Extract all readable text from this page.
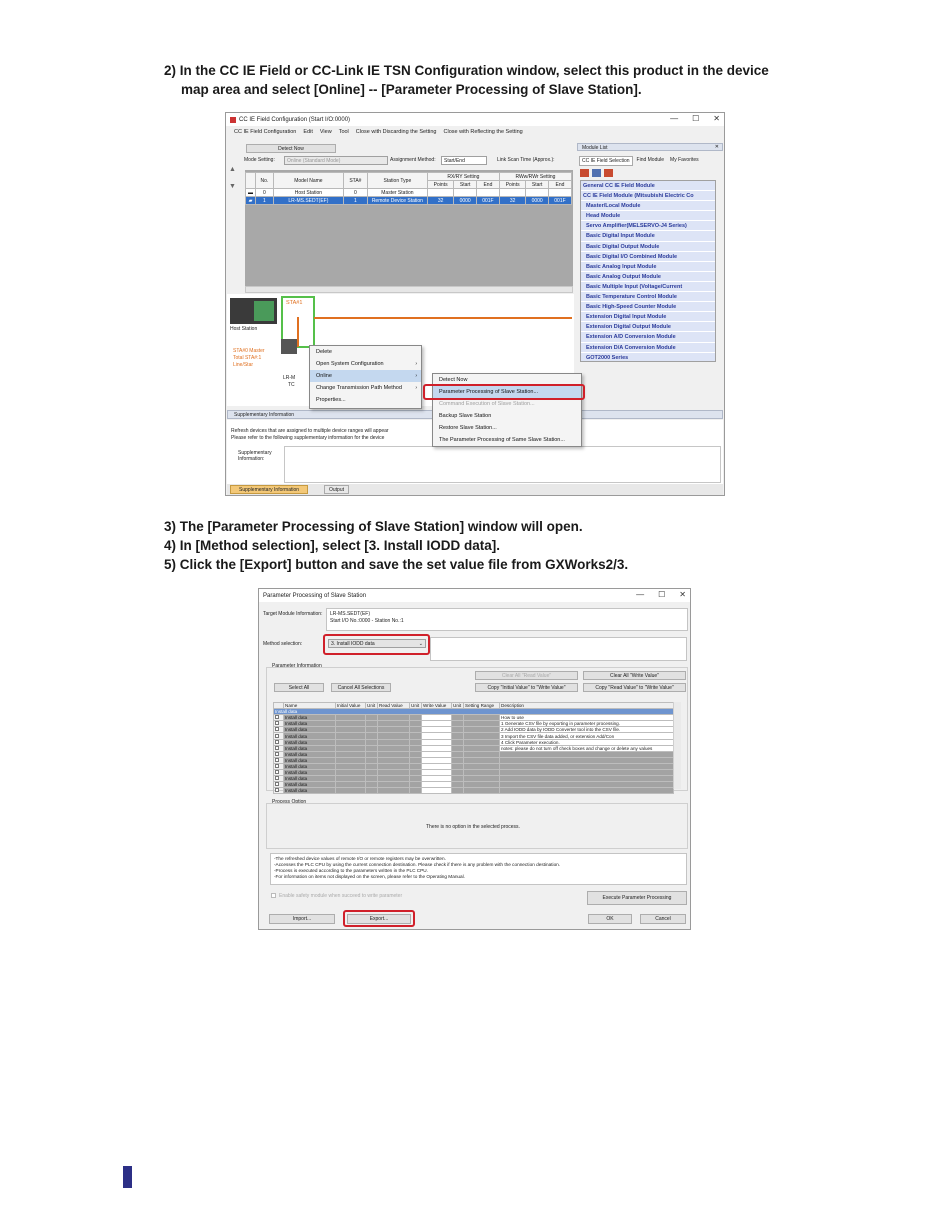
2) In the CC IE Field or CC-Link IE TSN Configuration window, select this product in the device

map area and select [Online] -- [Parameter Processing of Slave Station].

CC IE Field Configuration (Start I/O:0000)	— ☐ ✕
CC IE Field Configuration Edit View Tool Close with Discarding the Setting Close with Reflecting the Setting
Detect Now
Mode Setting:	Online (Standard Mode)	Assignment Method:	Start/End	Link Scan Time (Approx.):
▲
▼
	No.	Model Name	STA#	Station Type	RX/RY Setting			RWw/RWr Setting		
					Points	Start	End	Points	Start	End
▬	0	Host Station	0	Master Station						
▰	1	LR-MS.SEDT(EF)	1	Remote Device Station	32	0000	001F	32	0000	001F
Host Station
STA#1
STA#0 Master
Total STA#:1
Line/Star
LR-M
TC
Module List	✕
CC IE Field Selection	Find Module	My Favorites
General CC IE Field Module
CC IE Field Module (Mitsubishi Electric Co
Master/Local Module
Head Module
Servo Amplifier(MELSERVO-J4 Series)
Basic Digital Input Module
Basic Digital Output Module
Basic Digital I/O Combined Module
Basic Analog Input Module
Basic Analog Output Module
Basic Multiple Input (Voltage/Current
Basic Temperature Control Module
Basic High-Speed Counter Module
Extension Digital Input Module
Extension Digital Output Module
Extension A/D Conversion Module
Extension D/A Conversion Module
GOT2000 Series
Supplementary Information
Refresh devices that are assigned to multiple device ranges will appear
Please refer to the following supplementary information for the device
Supplementary Information:
Supplementary Information	Output
Delete
Open System Configuration	›
Online	›
Change Transmission Path Method	›
Properties...
Detect Now
Parameter Processing of Slave Station...
Command Execution of Slave Station...
Backup Slave Station
Restore Slave Station...
The Parameter Processing of Same Slave Station...

3) The [Parameter Processing of Slave Station] window will open.

4) In [Method selection], select [3. Install IODD data].

5) Click the [Export] button and save the set value file from GXWorks2/3.

Parameter Processing of Slave Station	— ☐ ✕
Target Module Information: LR-MS.SEDT(EF)
Start I/O No.:0000 - Station No.:1
Method selection:	3. Install IODD data	⌄
Parameter Information
Clear All "Read Value"	Clear All "Write Value"
Select All	Cancel All Selections	Copy "Initial Value" to "Write Value"	Copy "Read Value" to "Write Value"
	Name	Initial Value	Unit	Read Value	Unit	Write Value	Unit	Setting Range	Description
Install data									
	Install data								How to use
	Install data								1 Generate CSV file by exporting in parameter processing.
	Install data								2 Add IODD data by IODD Converter tool into the CSV file.
	Install data								3 Import the CSV file data added, or extension Add/Con
	Install data								4 Click Parameter execution.
	Install data								notes: please do not turn off check boxes and change or delete any values
	Install data								
	Install data								
	Install data								
	Install data								
	Install data								
	Install data								
	Install data								
Process Option
There is no option in the selected process.
-The refreshed device values of remote I/O or remote registers may be overwritten.
-Accesses the PLC CPU by using the current connection destination. Please check if there is any problem with the connection destination.
-Process is executed according to the parameters written in the PLC CPU.
-For information on items not displayed on the screen, please refer to the Operating Manual.
Enable safety module when succeed to write parameter	Execute Parameter Processing
Import...	Export...	OK	Cancel
